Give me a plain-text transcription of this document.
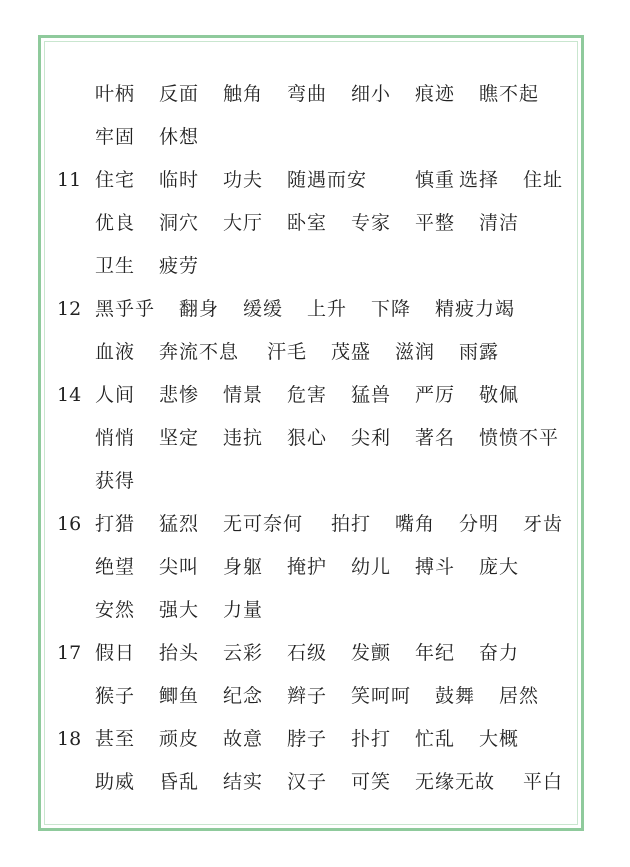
叶柄 反面 触角 弯曲 细小 痕迹 瞧不起
牢固 休想
11 住宅 临时 功夫 随遇而安	慎重 选择 住址
优良 洞穴 大厅 卧室 专家 平整 清洁
卫生 疲劳
12 黑乎乎 翻身 缓缓 上升 下降 精疲力竭
血液 奔流不息 汗毛 茂盛 滋润 雨露
14 人间 悲惨 情景 危害 猛兽 严厉 敬佩
悄悄 坚定 违抗 狠心 尖利 著名 愤愤不平
获得
16 打猎 猛烈 无可奈何 拍打 嘴角 分明 牙齿
绝望 尖叫 身躯 掩护 幼儿 搏斗 庞大
安然 强大 力量
17 假日 抬头 云彩 石级 发颤 年纪 奋力
猴子 鲫鱼 纪念 辫子 笑呵呵 鼓舞 居然
18 甚至 顽皮 故意 脖子 扑打 忙乱 大概
助威 昏乱 结实 汉子 可笑 无缘无故 平白
